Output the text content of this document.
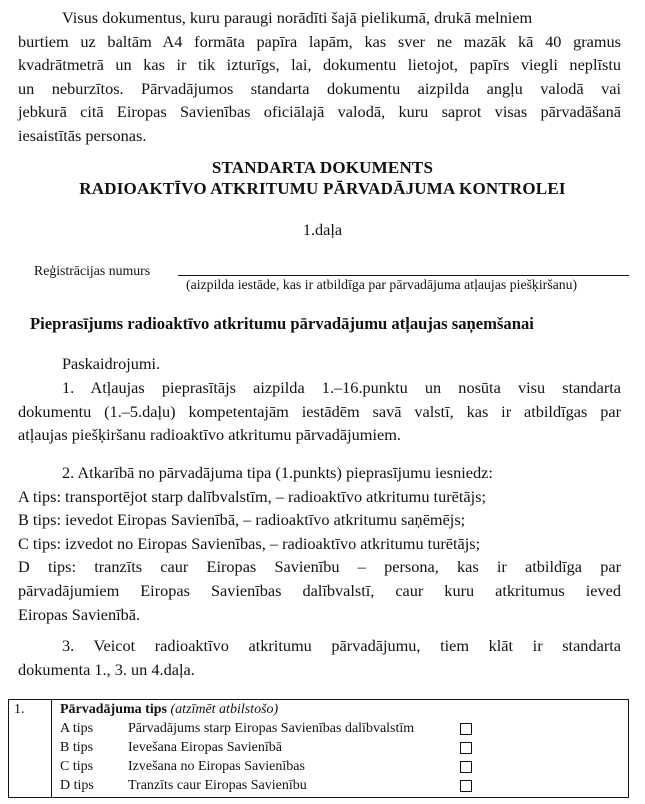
Visus dokumentus, kuru paraugi norādīti šajā pielikumā, drukā melniem
burtiem uz baltām A4 formāta papīra lapām, kas sver ne mazāk kā 40 gramus
kvadrātmetrā un kas ir tik izturīgs, lai, dokumentu lietojot, papīrs viegli neplīstu
un neburzītos. Pārvadājumos standarta dokumentu aizpilda angļu valodā vai
jebkurā citā Eiropas Savienības oficiālajā valodā, kuru saprot visas pārvadāšanā
iesaistītās personas.
STANDARTA DOKUMENTS
RADIOAKTĪVO ATKRITUMU PĀRVADĀJUMA KONTROLEI
1.daļa
Reģistrācijas numurs
(aizpilda iestāde, kas ir atbildīga par pārvadājuma atļaujas piešķiršanu)
Pieprasījums radioaktīvo atkritumu pārvadājumu atļaujas saņemšanai
Paskaidrojumi.
1. Atļaujas pieprasītājs aizpilda 1.–16.punktu un nosūta visu standarta
dokumentu (1.–5.daļu) kompetentajām iestādēm savā valstī, kas ir atbildīgas par
atļaujas piešķiršanu radioaktīvo atkritumu pārvadājumiem.
2. Atkarībā no pārvadājuma tipa (1.punkts) pieprasījumu iesniedz:
A tips: transportējot starp dalībvalstīm, – radioaktīvo atkritumu turētājs;
B tips: ievedot Eiropas Savienībā, – radioaktīvo atkritumu saņēmējs;
C tips: izvedot no Eiropas Savienības, – radioaktīvo atkritumu turētājs;
D tips: tranzīts caur Eiropas Savienību – persona, kas ir atbildīga par
pārvadājumiem Eiropas Savienības dalībvalstī, caur kuru atkritumus ieved
Eiropas Savienībā.
3. Veicot radioaktīvo atkritumu pārvadājumu, tiem klāt ir standarta
dokumenta 1., 3. un 4.daļa.
1.	Pārvadājuma tips (atzīmēt atbilstošo)
A tips	Pārvadājums starp Eiropas Savienības dalībvalstīm
B tips	Ievešana Eiropas Savienībā
C tips	Izvešana no Eiropas Savienības
D tips	Tranzīts caur Eiropas Savienību
